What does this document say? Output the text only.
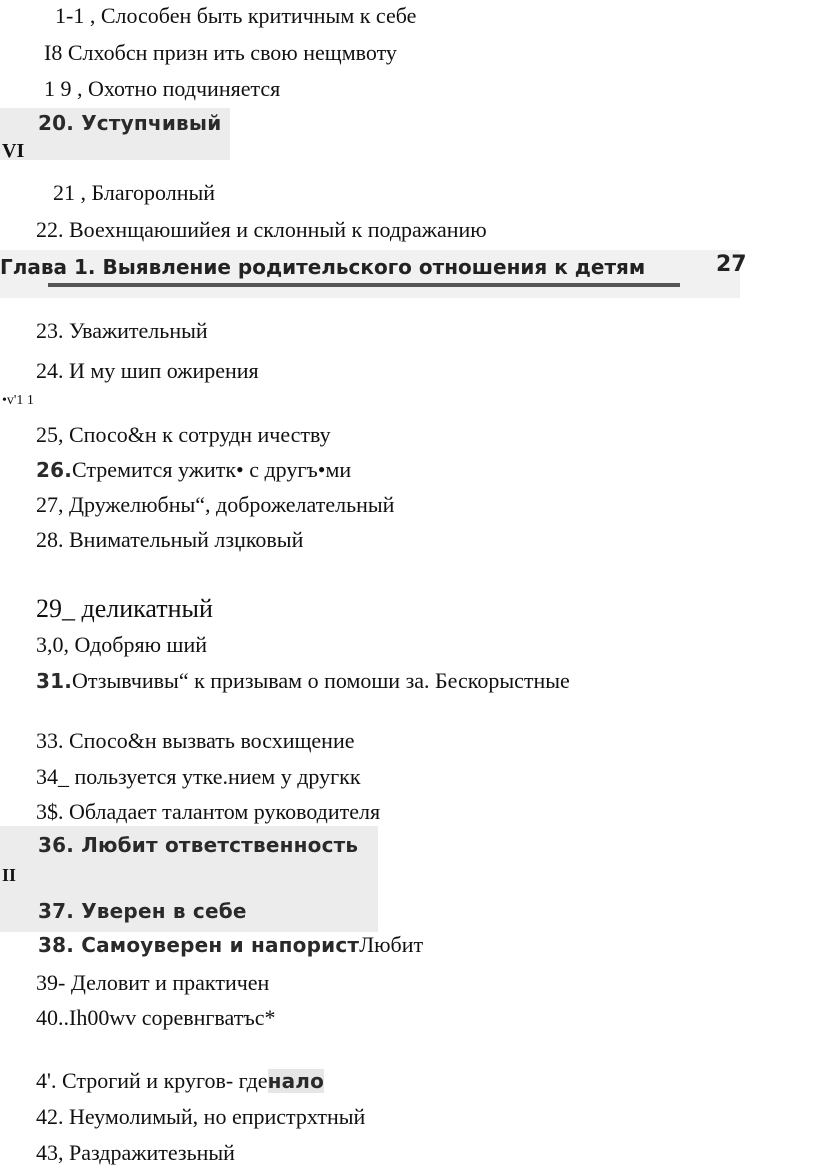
1-1 , Слособен быть критичным к себе
Ι8 Слхобсн призн ить свою нещмвоту
1 9 , Охотно подчиняется
20. Уступчивый
VI
21 , Благоролный
22. Воехнщаюшийея и склонный к подражанию
Глава 1. Выявление родительского отношения к детям	27
23. Уважительный
24. И му шип ожирения
•v'1 1
25, Спосо&н к сотрудн ичеству
26.Стремится ужитк• с другъ•ми
27, Дружелюбны“, доброжелательный
28. Внимательный лзџковый
29_ деликатный
3,0, Одобряю ший
31.Отзывчивы“ к призывам о помоши за. Бескорыстные
33. Спосо&н вызвать восхищение
34_ пользуется утке.нием у другкк
3$. Обладает талантом руководителя
36. Любит ответственность
II
37. Уверен в себе
38. Самоуверен и напористЛюбит
39- Деловит и практичен
40..Ih00wv соревнгватъс*
4'. Строгий и кругов- гденало
42. Неумолимый, но епристрхтный
43, Раздражитезьный
